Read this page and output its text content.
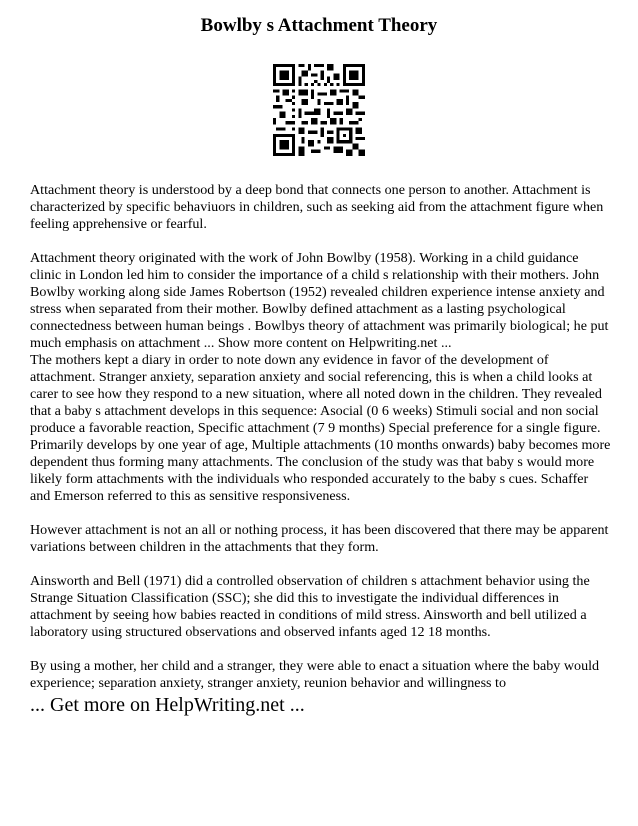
Bowlby s Attachment Theory

Attachment theory is understood by a deep bond that connects one person to another. Attachment is characterized by specific behaviuors in children, such as seeking aid from the attachment figure when feeling apprehensive or fearful.

Attachment theory originated with the work of John Bowlby (1958). Working in a child guidance clinic in London led him to consider the importance of a child s relationship with their mothers. John Bowlby working along side James Robertson (1952) revealed children experience intense anxiety and stress when separated from their mother. Bowlby defined attachment as a lasting psychological connectedness between human beings . Bowlbys theory of attachment was primarily biological; he put much emphasis on attachment ... Show more content on Helpwriting.net ...

The mothers kept a diary in order to note down any evidence in favor of the development of attachment. Stranger anxiety, separation anxiety and social referencing, this is when a child looks at carer to see how they respond to a new situation, where all noted down in the children. They revealed that a baby s attachment develops in this sequence: Asocial (0 6 weeks) Stimuli social and non social produce a favorable reaction, Specific attachment (7 9 months) Special preference for a single figure. Primarily develops by one year of age, Multiple attachments (10 months onwards) baby becomes more dependent thus forming many attachments. The conclusion of the study was that baby s would more likely form attachments with the individuals who responded accurately to the baby s cues. Schaffer and Emerson referred to this as sensitive responsiveness.

However attachment is not an all or nothing process, it has been discovered that there may be apparent variations between children in the attachments that they form.

Ainsworth and Bell (1971) did a controlled observation of children s attachment behavior using the Strange Situation Classification (SSC); she did this to investigate the individual differences in attachment by seeing how babies reacted in conditions of mild stress. Ainsworth and bell utilized a laboratory using structured observations and observed infants aged 12 18 months.

By using a mother, her child and a stranger, they were able to enact a situation where the baby would experience; separation anxiety, stranger anxiety, reunion behavior and willingness to

... Get more on HelpWriting.net ...
